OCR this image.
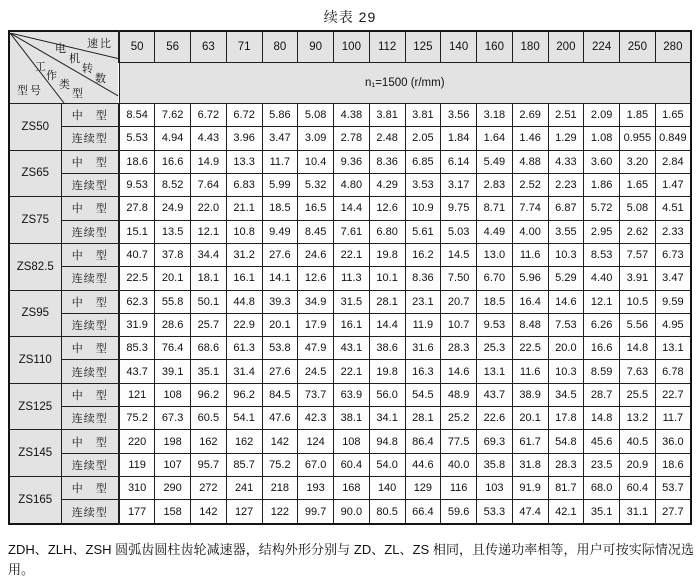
续表 29
速比
电
机
转
数
工
作
类
型
型号
	50	56	63	71	80	90	100	112	125	140	160	180	200	224	250	280
		n₁=1500 (r/mm)															
ZS50	中　型	8.54	7.62	6.72	6.72	5.86	5.08	4.38	3.81	3.81	3.56	3.18	2.69	2.51	2.09	1.85	1.65
	连续型	5.53	4.94	4.43	3.96	3.47	3.09	2.78	2.48	2.05	1.84	1.64	1.46	1.29	1.08	0.955	0.849
ZS65	中　型	18.6	16.6	14.9	13.3	11.7	10.4	9.36	8.36	6.85	6.14	5.49	4.88	4.33	3.60	3.20	2.84
	连续型	9.53	8.52	7.64	6.83	5.99	5.32	4.80	4.29	3.53	3.17	2.83	2.52	2.23	1.86	1.65	1.47
ZS75	中　型	27.8	24.9	22.0	21.1	18.5	16.5	14.4	12.6	10.9	9.75	8.71	7.74	6.87	5.72	5.08	4.51
	连续型	15.1	13.5	12.1	10.8	9.49	8.45	7.61	6.80	5.61	5.03	4.49	4.00	3.55	2.95	2.62	2.33
ZS82.5	中　型	40.7	37.8	34.4	31.2	27.6	24.6	22.1	19.8	16.2	14.5	13.0	11.6	10.3	8.53	7.57	6.73
	连续型	22.5	20.1	18.1	16.1	14.1	12.6	11.3	10.1	8.36	7.50	6.70	5.96	5.29	4.40	3.91	3.47
ZS95	中　型	62.3	55.8	50.1	44.8	39.3	34.9	31.5	28.1	23.1	20.7	18.5	16.4	14.6	12.1	10.5	9.59
	连续型	31.9	28.6	25.7	22.9	20.1	17.9	16.1	14.4	11.9	10.7	9.53	8.48	7.53	6.26	5.56	4.95
ZS110	中　型	85.3	76.4	68.6	61.3	53.8	47.9	43.1	38.6	31.6	28.3	25.3	22.5	20.0	16.6	14.8	13.1
	连续型	43.7	39.1	35.1	31.4	27.6	24.5	22.1	19.8	16.3	14.6	13.1	11.6	10.3	8.59	7.63	6.78
ZS125	中　型	121	108	96.2	96.2	84.5	73.7	63.9	56.0	54.5	48.9	43.7	38.9	34.5	28.7	25.5	22.7
	连续型	75.2	67.3	60.5	54.1	47.6	42.3	38.1	34.1	28.1	25.2	22.6	20.1	17.8	14.8	13.2	11.7
ZS145	中　型	220	198	162	162	142	124	108	94.8	86.4	77.5	69.3	61.7	54.8	45.6	40.5	36.0
	连续型	119	107	95.7	85.7	75.2	67.0	60.4	54.0	44.6	40.0	35.8	31.8	28.3	23.5	20.9	18.6
ZS165	中　型	310	290	272	241	218	193	168	140	129	116	103	91.9	81.7	68.0	60.4	53.7
	连续型	177	158	142	127	122	99.7	90.0	80.5	66.4	59.6	53.3	47.4	42.1	35.1	31.1	27.7
ZDH、ZLH、ZSH 圆弧齿圆柱齿轮减速器，结构外形分别与 ZD、ZL、ZS 相同，且传递功率相等，用户可按实际情况选用。
